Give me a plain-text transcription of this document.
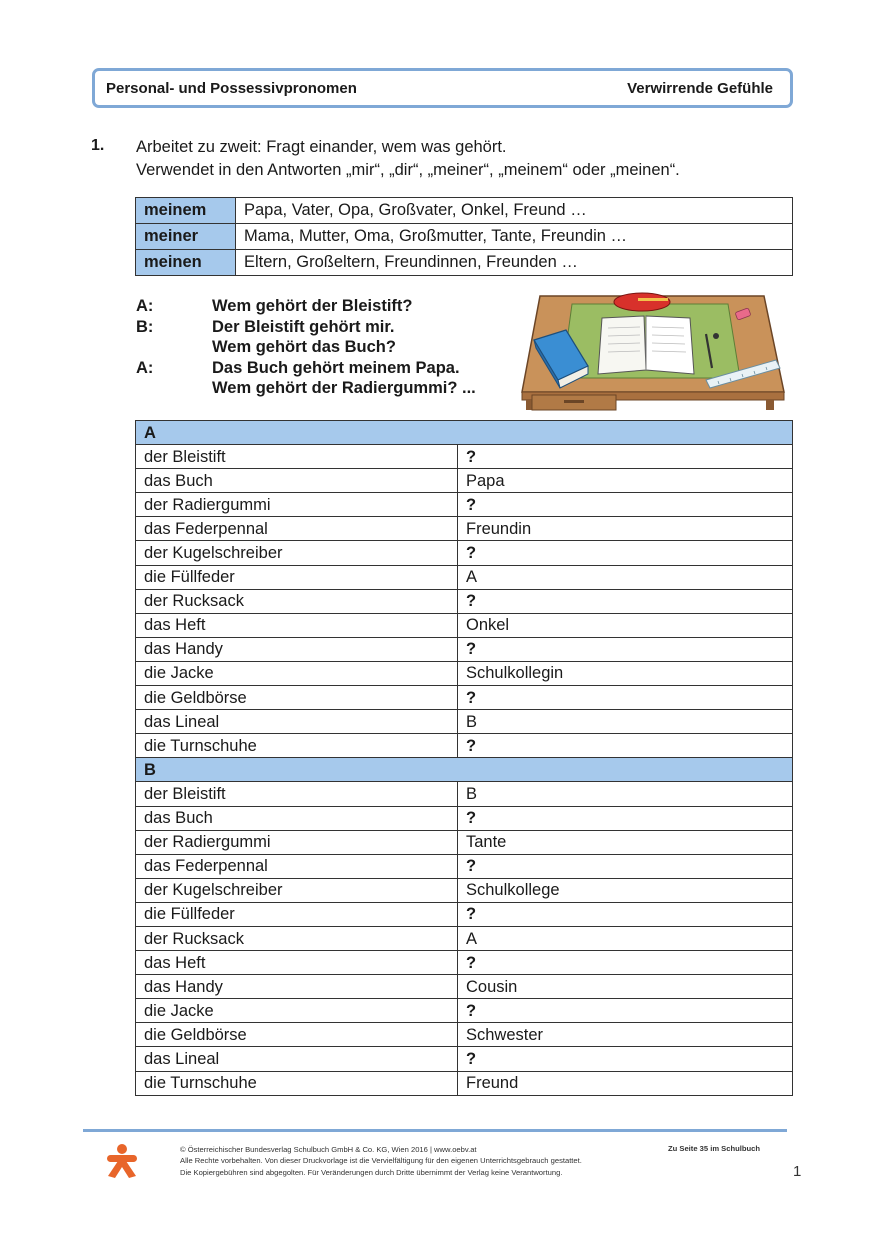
Personal- und Possessivpronomen	Verwirrende Gefühle
1. Arbeitet zu zweit: Fragt einander, wem was gehört.
Verwendet in den Antworten „mir“, „dir“, „meiner“, „meinem“ oder „meinen“.
meinem	Papa, Vater, Opa, Großvater, Onkel, Freund …
meiner	Mama, Mutter, Oma, Großmutter, Tante, Freundin …
meinen	Eltern, Großeltern, Freundinnen, Freunden …
A:	Wem gehört der Bleistift?
B:	Der Bleistift gehört mir.
Wem gehört das Buch?
A:	Das Buch gehört meinem Papa.
Wem gehört der Radiergummi? ...
A	
der Bleistift	?
das Buch	Papa
der Radiergummi	?
das Federpennal	Freundin
der Kugelschreiber	?
die Füllfeder	A
der Rucksack	?
das Heft	Onkel
das Handy	?
die Jacke	Schulkollegin
die Geldbörse	?
das Lineal	B
die Turnschuhe	?
B	
der Bleistift	B
das Buch	?
der Radiergummi	Tante
das Federpennal	?
der Kugelschreiber	Schulkollege
die Füllfeder	?
der Rucksack	A
das Heft	?
das Handy	Cousin
die Jacke	?
die Geldbörse	Schwester
das Lineal	?
die Turnschuhe	Freund
© Österreichischer Bundesverlag Schulbuch GmbH & Co. KG, Wien 2016 | www.oebv.at
Alle Rechte vorbehalten. Von dieser Druckvorlage ist die Vervielfältigung für den eigenen Unterrichtsgebrauch gestattet.
Die Kopiergebühren sind abgegolten. Für Veränderungen durch Dritte übernimmt der Verlag keine Verantwortung.
Zu Seite 35 im Schulbuch
1
